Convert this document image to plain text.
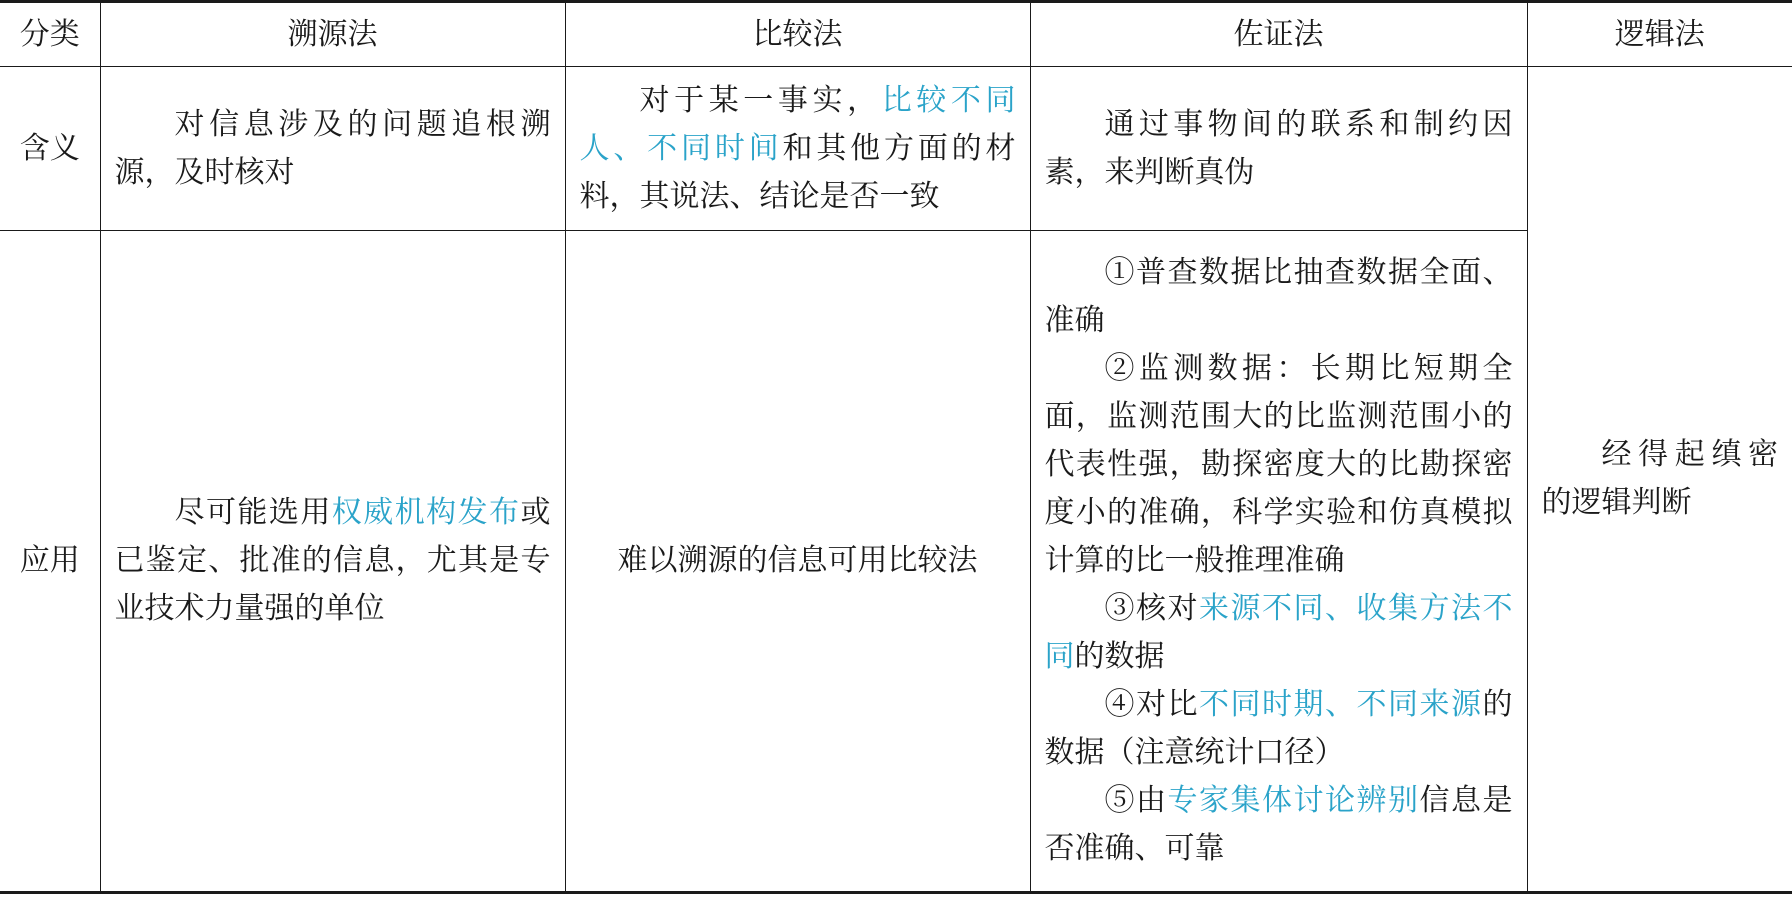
分类	溯源法	比较法	佐证法	逻辑法
含义	对信息涉及的问题追根溯源，及时核对	对于某一事实，比较不同人、不同时间和其他方面的材料，其说法、结论是否一致	通过事物间的联系和制约因素，来判断真伪	经得起缜密的逻辑判断
应用	尽可能选用权威机构发布或已鉴定、批准的信息，尤其是专业技术力量强的单位	难以溯源的信息可用比较法	①普查数据比抽查数据全面、准确
②监测数据：长期比短期全面，监测范围大的比监测范围小的代表性强，勘探密度大的比勘探密度小的准确，科学实验和仿真模拟计算的比一般推理准确
③核对来源不同、收集方法不同的数据
④对比不同时期、不同来源的数据（注意统计口径）
⑤由专家集体讨论辨别信息是否准确、可靠	
